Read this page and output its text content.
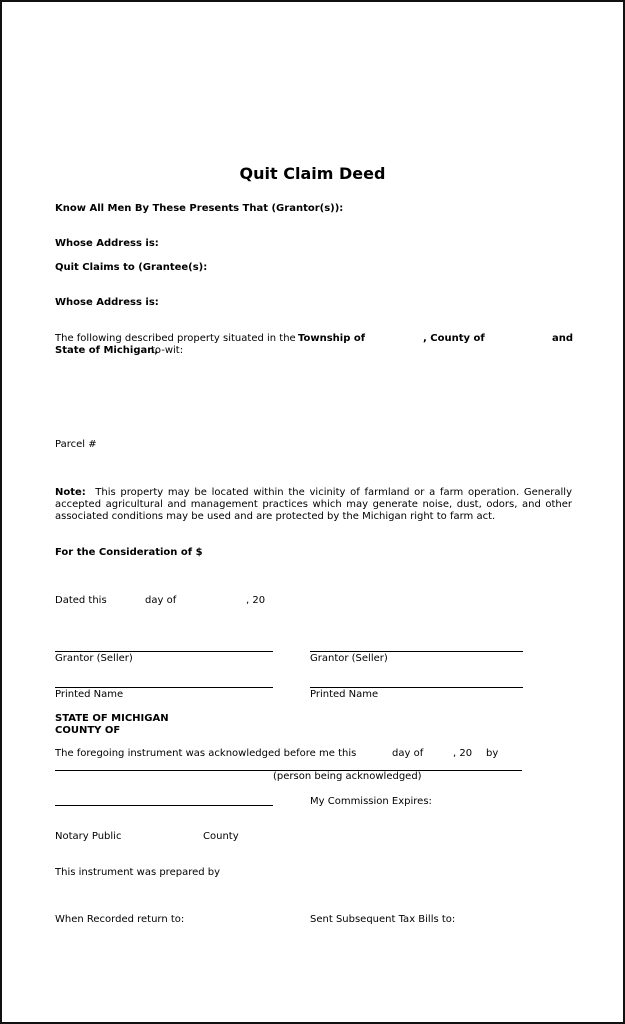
Quit Claim Deed
Know All Men By These Presents That (Grantor(s)):
Whose Address is:
Quit Claims to (Grantee(s):
Whose Address is:
The following described property situated in the Township of	, County of	and
State of Michigan,
to-wit:
Parcel #
Note: This property may be located within the vicinity of farmland or a farm operation. Generally accepted agricultural and management practices which may generate noise, dust, odors, and other associated conditions may be used and are protected by the Michigan right to farm act.
For the Consideration of $
Dated this	day of	, 20
Grantor (Seller)	Grantor (Seller)
Printed Name	Printed Name
STATE OF MICHIGAN
COUNTY OF
The foregoing instrument was acknowledged before me this	day of	, 20 by
(person being acknowledged)
My Commission Expires:
Notary Public	County
This instrument was prepared by
When Recorded return to:	Sent Subsequent Tax Bills to:
